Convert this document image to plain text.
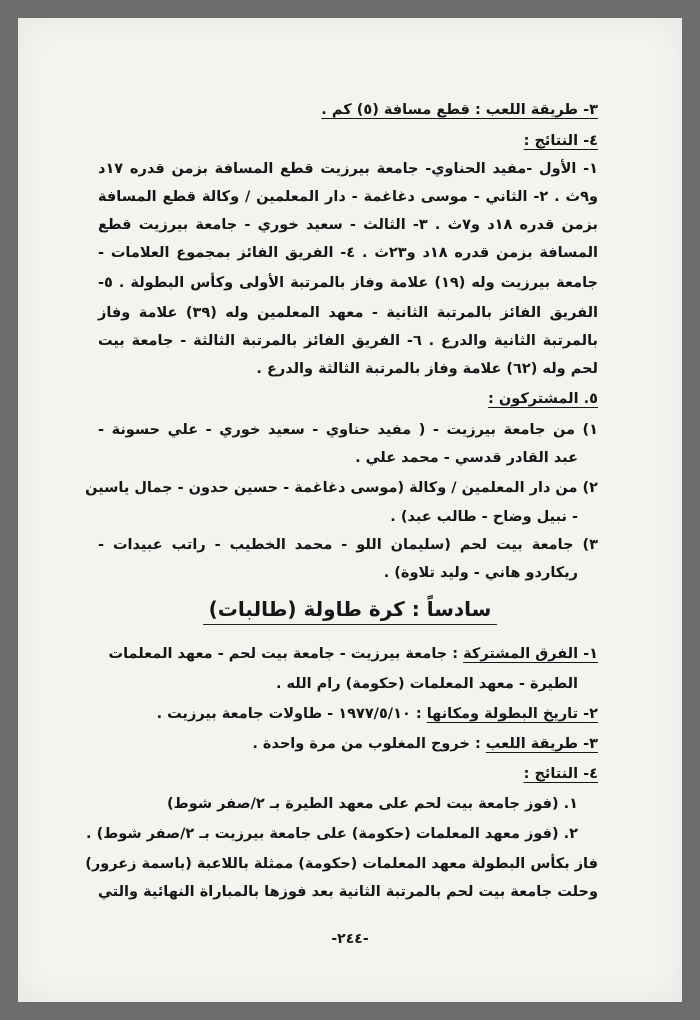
٣- طريقة اللعب : قطع مسافة (٥) كم .
٤- النتائج :
١- الأول -مفيد الحناوي- جامعة بيرزيت قطع المسافة بزمن قدره ١٧د
و٩ث . ٢- الثاني - موسى دغاغمة - دار المعلمين / وكالة قطع المسافة
بزمن قدره ١٨د و٧ث . ٣- الثالث - سعيد خوري - جامعة بيرزيت قطع
المسافة بزمن قدره ١٨د و٢٣ث . ٤- الفريق الفائز بمجموع العلامات -
جامعة بيرزيت وله (١٩) علامة وفاز بالمرتبة الأولى وكأس البطولة . ٥-
الفريق الفائز بالمرتبة الثانية - معهد المعلمين وله (٣٩) علامة وفاز
بالمرتبة الثانية والدرع . ٦- الفريق الفائز بالمرتبة الثالثة - جامعة بيت
لحم وله (٦٢) علامة وفاز بالمرتبة الثالثة والدرع .
٥. المشتركون :
١) من جامعة بيرزيت - ( مفيد حناوي - سعيد خوري - علي حسونة -
عبد القادر قدسي - محمد علي .
٢) من دار المعلمين / وكالة (موسى دغاغمة - حسين حدون - جمال ياسين
- نبيل وضاح - طالب عبد) .
٣) جامعة بيت لحم (سليمان اللو - محمد الخطيب - راتب عبيدات -
ريكاردو هاني - وليد تلاوة) .
سادساً : كرة طاولة (طالبات)
١- الفرق المشتركة : جامعة بيرزيت - جامعة بيت لحم - معهد المعلمات
الطيرة - معهد المعلمات (حكومة) رام الله .
٢- تاريخ البطولة ومكانها : ١٩٧٧/٥/١٠ - طاولات جامعة بيرزيت .
٣- طريقة اللعب : خروج المغلوب من مرة واحدة .
٤- النتائج :
١. (فوز جامعة بيت لحم على معهد الطيرة بـ ٢/صفر شوط)
٢. (فوز معهد المعلمات (حكومة) على جامعة بيرزيت بـ ٢/صفر شوط) .
فاز بكأس البطولة معهد المعلمات (حكومة) ممثلة باللاعبة (باسمة زعرور)
وحلت جامعة بيت لحم بالمرتبة الثانية بعد فوزها بالمباراة النهائية والتي
-٢٤٤-
